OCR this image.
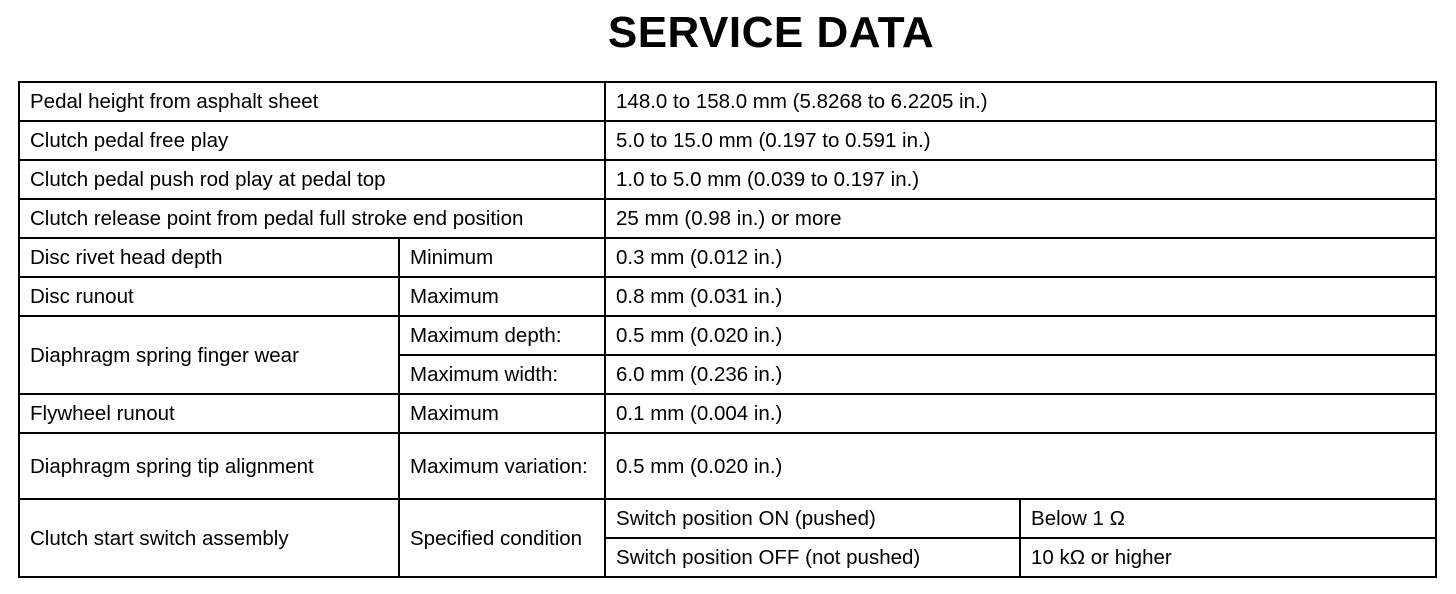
SERVICE DATA
Pedal height from asphalt sheet		148.0 to 158.0 mm (5.8268 to 6.2205 in.)	
Clutch pedal free play		5.0 to 15.0 mm (0.197 to 0.591 in.)	
Clutch pedal push rod play at pedal top		1.0 to 5.0 mm (0.039 to 0.197 in.)	
Clutch release point from pedal full stroke end position		25 mm (0.98 in.) or more	
Disc rivet head depth	Minimum	0.3 mm (0.012 in.)	
Disc runout	Maximum	0.8 mm (0.031 in.)	
Diaphragm spring finger wear	Maximum depth:	0.5 mm (0.020 in.)	
	Maximum width:	6.0 mm (0.236 in.)	
Flywheel runout	Maximum	0.1 mm (0.004 in.)	
Diaphragm spring tip alignment	Maximum variation:	0.5 mm (0.020 in.)	
Clutch start switch assembly	Specified condition	Switch position ON (pushed)	Below 1 Ω
		Switch position OFF (not pushed)	10 kΩ or higher
